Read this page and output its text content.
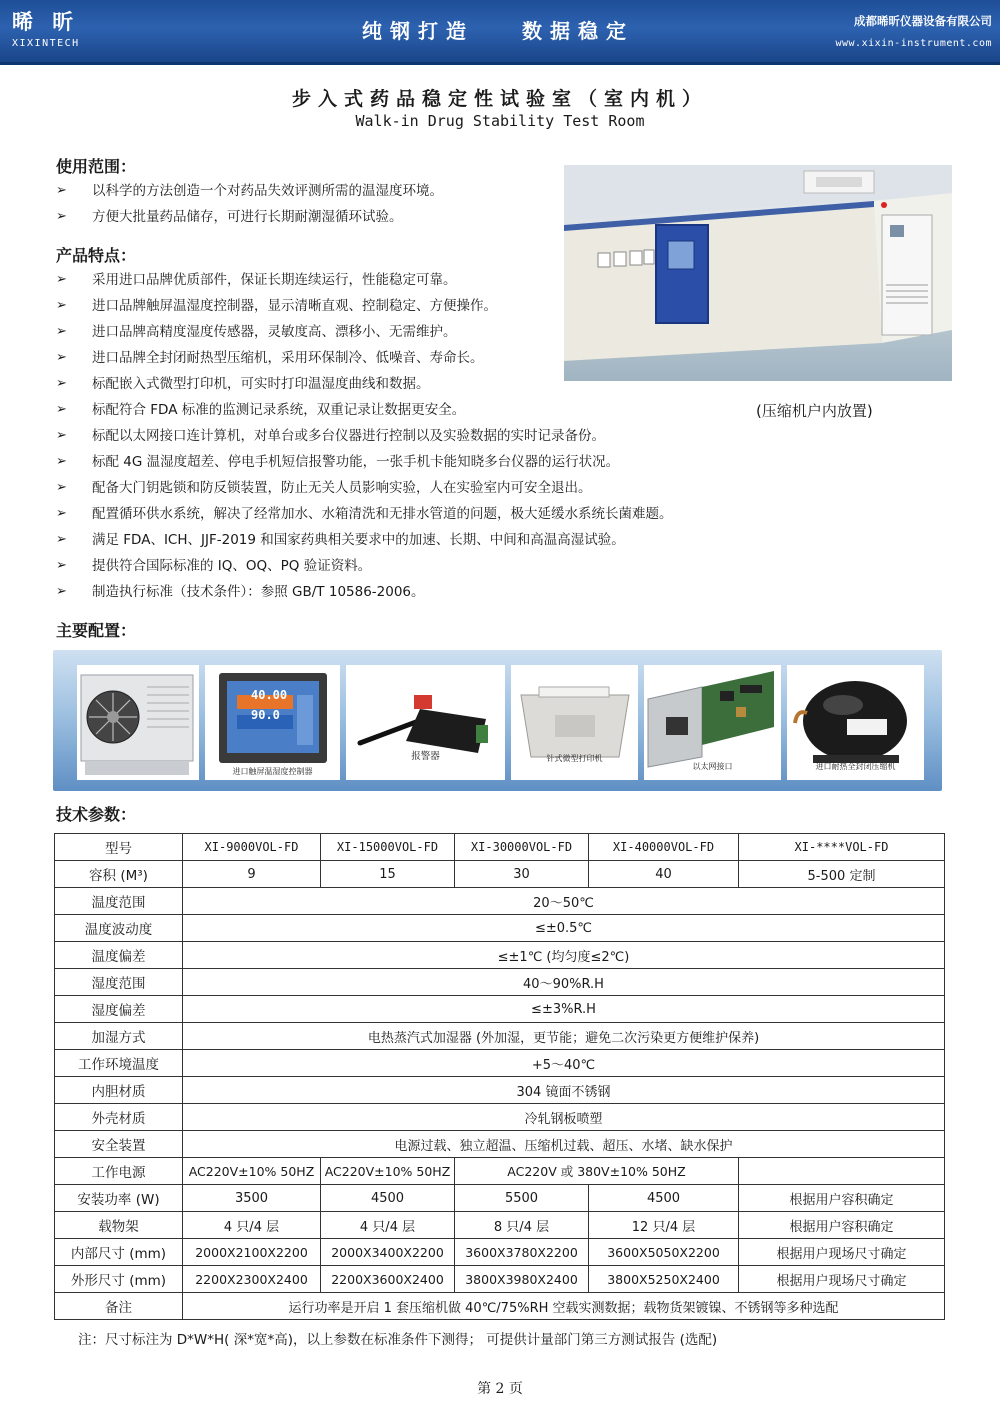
晞 昕
XIXINTECH
纯钢打造 数据稳定	成都晞昕仪器设备有限公司
www.xixin-instrument.com
步入式药品稳定性试验室（室内机）
Walk-in Drug Stability Test Room
使用范围：
➢ 以科学的方法创造一个对药品失效评测所需的温湿度环境。
➢ 方便大批量药品储存，可进行长期耐潮湿循环试验。
产品特点：
➢ 采用进口品牌优质部件，保证长期连续运行，性能稳定可靠。
➢ 进口品牌触屏温湿度控制器，显示清晰直观、控制稳定、方便操作。
➢ 进口品牌高精度湿度传感器，灵敏度高、漂移小、无需维护。
➢ 进口品牌全封闭耐热型压缩机，采用环保制冷、低噪音、寿命长。
➢ 标配嵌入式微型打印机，可实时打印温湿度曲线和数据。
➢ 标配符合 FDA 标准的监测记录系统，双重记录让数据更安全。
➢ 标配以太网接口连计算机，对单台或多台仪器进行控制以及实验数据的实时记录备份。
➢ 标配 4G 温湿度超差、停电手机短信报警功能，一张手机卡能知晓多台仪器的运行状况。
➢ 配备大门钥匙锁和防反锁装置，防止无关人员影响实验，人在实验室内可安全退出。
➢ 配置循环供水系统，解决了经常加水、水箱清洗和无排水管道的问题，极大延缓水系统长菌难题。
➢ 满足 FDA、ICH、JJF-2019 和国家药典相关要求中的加速、长期、中间和高温高湿试验。
➢ 提供符合国际标准的 IQ、OQ、PQ 验证资料。
➢ 制造执行标准（技术条件）：参照 GB/T 10586-2006。
(压缩机户内放置)
主要配置：
40.00
90.0
进口触屏温湿度控制器
报警器	针式微型打印机
以太网接口	进口耐热全封闭压缩机
技术参数：
型号	XI-9000VOL-FD	XI-15000VOL-FD	XI-30000VOL-FD	XI-40000VOL-FD	XI-****VOL-FD
容积 (M³)	9	15	30	40	5-500 定制
温度范围	20～50℃				
温度波动度	≤±0.5℃				
温度偏差	≤±1℃ (均匀度≤2℃)				
湿度范围	40～90%R.H				
湿度偏差	≤±3%R.H				
加湿方式	电热蒸汽式加湿器 (外加湿，更节能；避免二次污染更方便维护保养)				
工作环境温度	+5～40℃				
内胆材质	304 镜面不锈钢				
外壳材质	冷轧钢板喷塑				
安全装置	电源过载、独立超温、压缩机过载、超压、水堵、缺水保护				
工作电源	AC220V±10% 50HZ	AC220V±10% 50HZ	AC220V 或 380V±10% 50HZ		
安装功率 (W)	3500	4500	5500	4500	根据用户容积确定
载物架	4 只/4 层	4 只/4 层	8 只/4 层	12 只/4 层	根据用户容积确定
内部尺寸 (mm)	2000X2100X2200	2000X3400X2200	3600X3780X2200	3600X5050X2200	根据用户现场尺寸确定
外形尺寸 (mm)	2200X2300X2400	2200X3600X2400	3800X3980X2400	3800X5250X2400	根据用户现场尺寸确定
备注	运行功率是开启 1 套压缩机做 40℃/75%RH 空载实测数据；载物货架镀镍、不锈钢等多种选配				
注：尺寸标注为 D*W*H( 深*宽*高)，以上参数在标准条件下测得； 可提供计量部门第三方测试报告 (选配)
第 2 页
